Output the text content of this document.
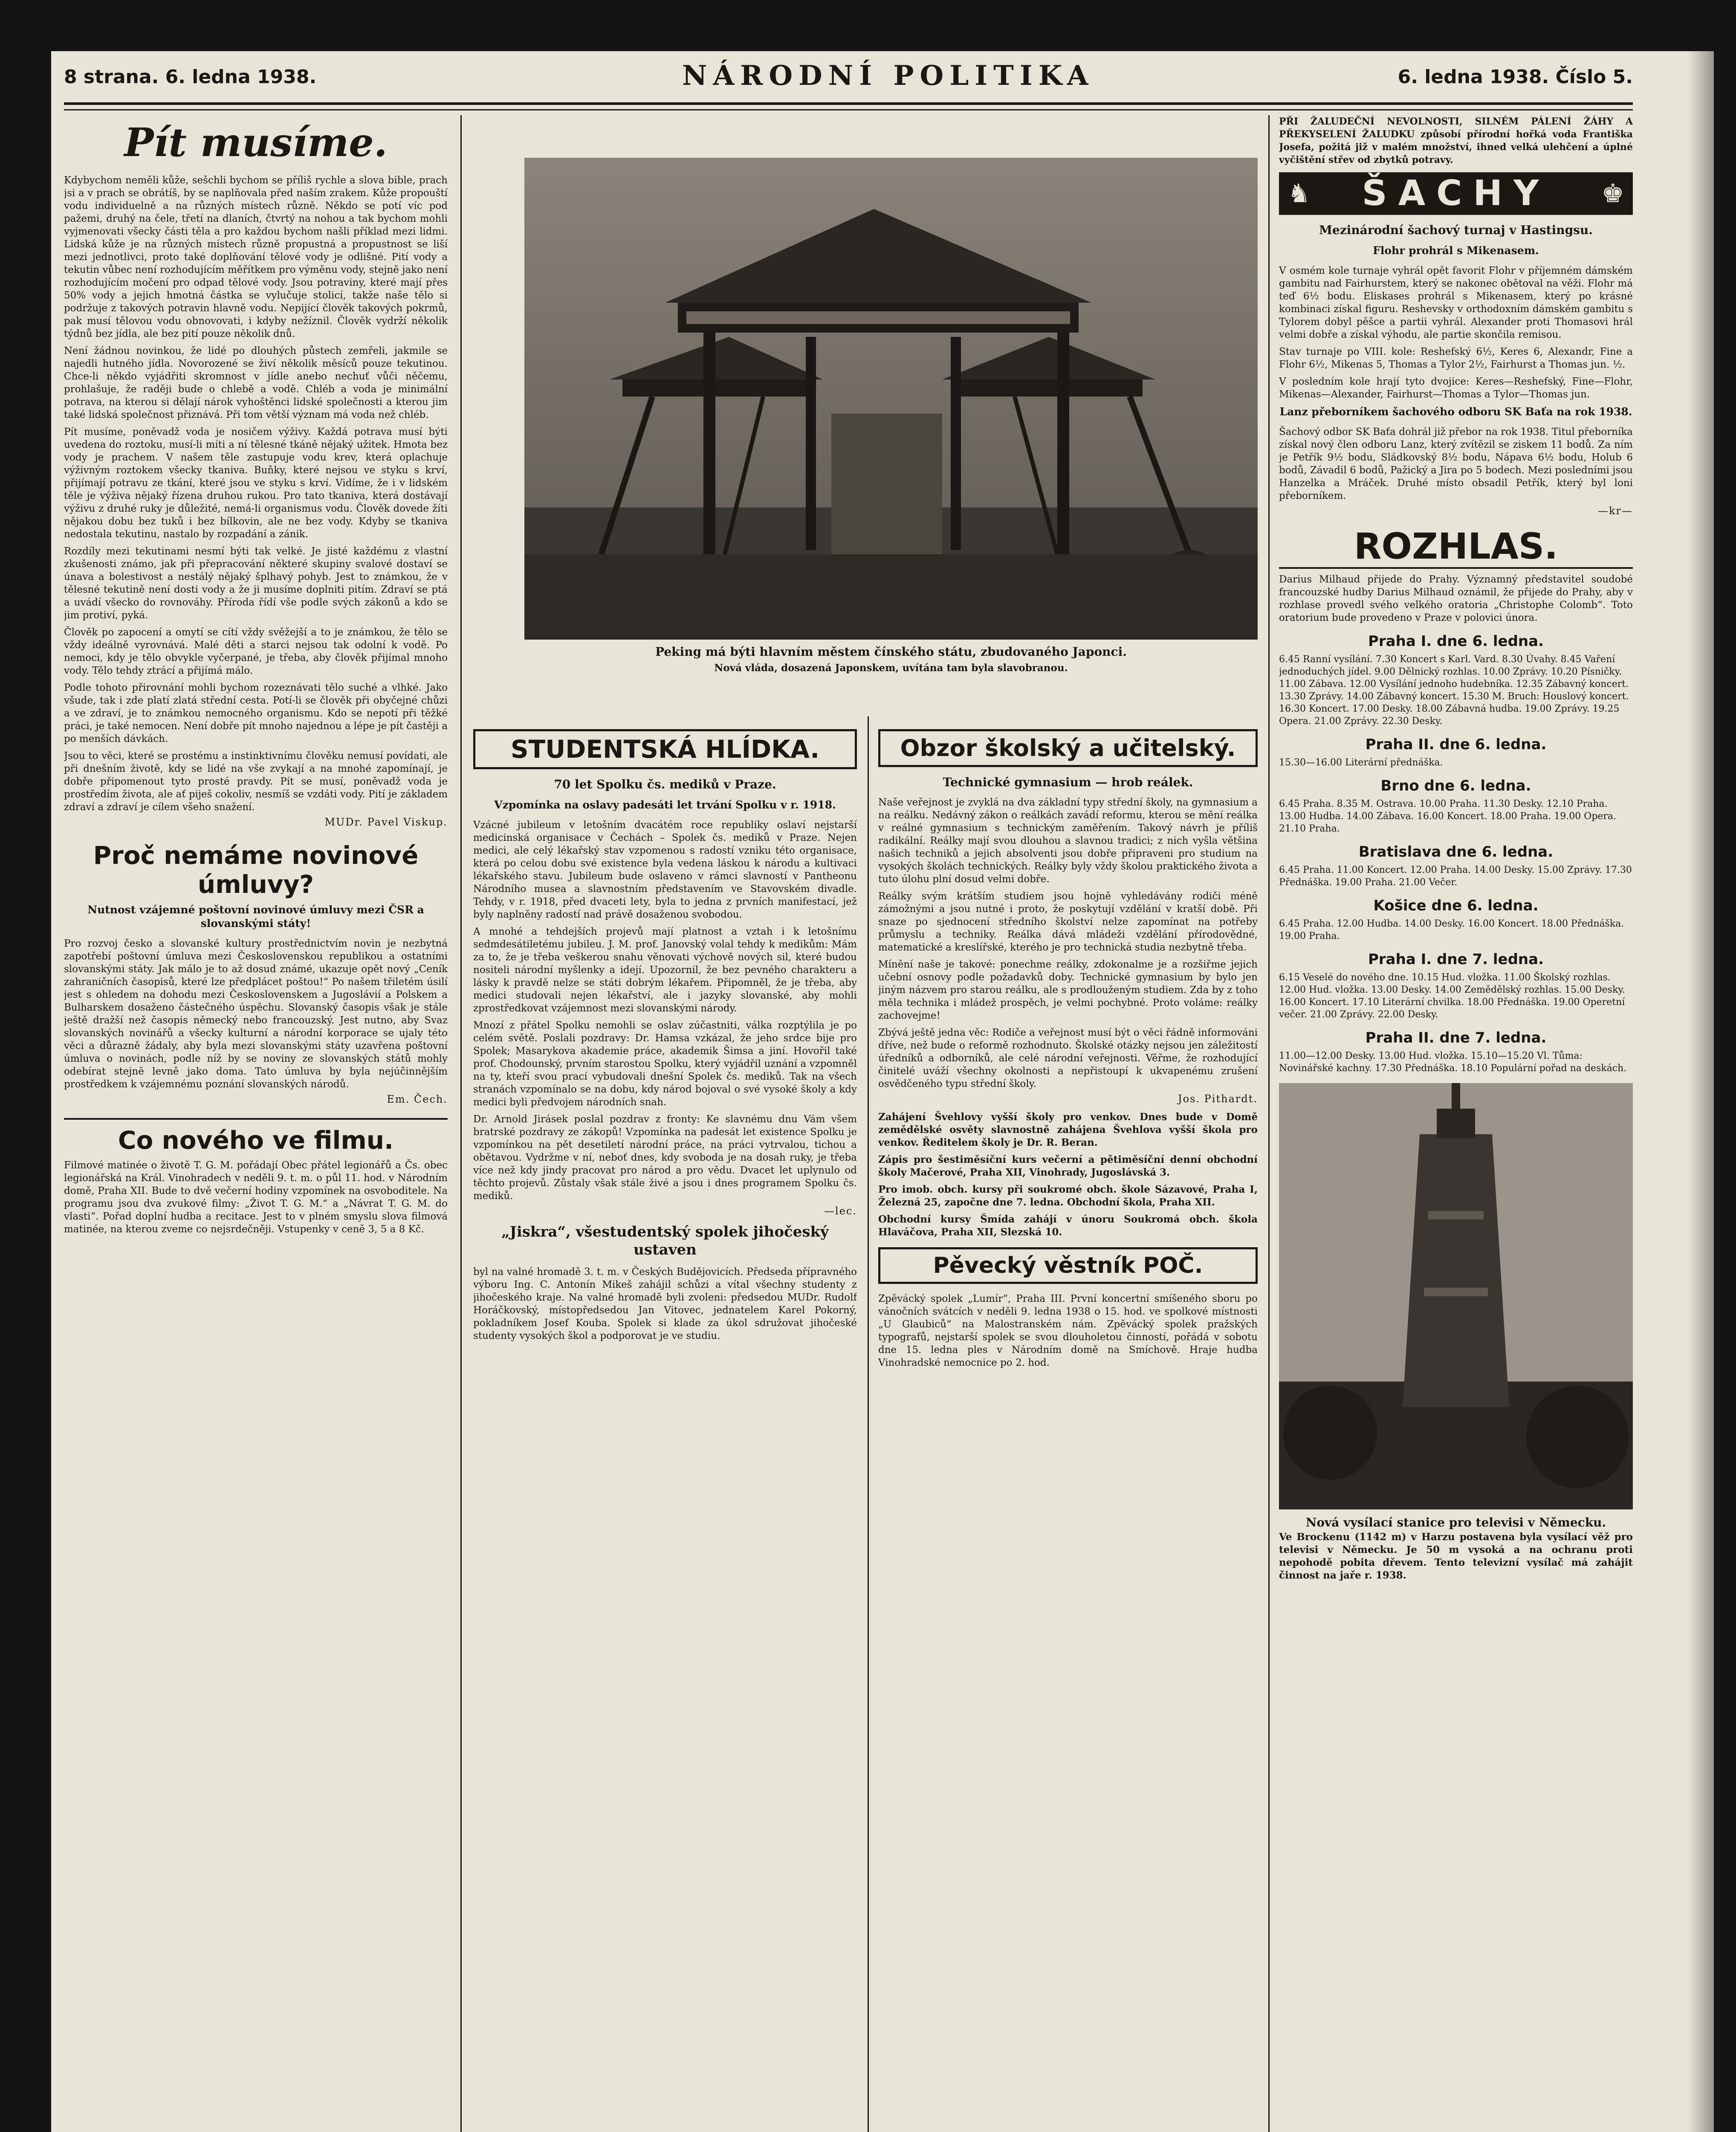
8 strana. 6. ledna 1938.	NÁRODNÍ POLITIKA	6. ledna 1938. Číslo 5.
Pít musíme.

Kdybychom neměli kůže, sešchli bychom se příliš rychle a slova bible, prach jsi a v prach se obrátíš, by se naplňovala před naším zrakem. Kůže propouští vodu individuelně a na různých místech různě. Někdo se potí víc pod pažemi, druhý na čele, třetí na dlaních, čtvrtý na nohou a tak bychom mohli vyjmenovati všecky části těla a pro každou bychom našli příklad mezi lidmi. Lidská kůže je na různých místech různě propustná a propustnost se liší mezi jednotlivci, proto také doplňování tělové vody je odlišné. Pití vody a tekutin vůbec není rozhodujícím měřítkem pro výměnu vody, stejně jako není rozhodujícím močení pro odpad tělové vody. Jsou potraviny, které mají přes 50% vody a jejich hmotná částka se vylučuje stolicí, takže naše tělo si podržuje z takových potravin hlavně vodu. Nepijící člověk takových pokrmů, pak musí tělovou vodu obnovovati, i kdyby nežíznil. Člověk vydrží několik týdnů bez jídla, ale bez pití pouze několik dnů.

Není žádnou novinkou, že lidé po dlouhých půstech zemřeli, jakmile se najedli hutného jídla. Novorozené se živí několik měsíců pouze tekutinou. Chce-li někdo vyjádřiti skromnost v jídle anebo nechuť vůči něčemu, prohlašuje, že raději bude o chlebě a vodě. Chléb a voda je minimální potrava, na kterou si dělají nárok vyhoštěnci lidské společnosti a kterou jim také lidská společnost přiznává. Při tom větší význam má voda než chléb.

Pít musíme, poněvadž voda je nosičem výživy. Každá potrava musí býti uvedena do roztoku, musí-li míti a ní tělesné tkáně nějaký užitek. Hmota bez vody je prachem. V našem těle zastupuje vodu krev, která oplachuje výživným roztokem všecky tkaniva. Buňky, které nejsou ve styku s krví, přijímají potravu ze tkání, které jsou ve styku s krví. Vidíme, že i v lidském těle je výživa nějaký řízena druhou rukou. Pro tato tkaniva, která dostávají výživu z druhé ruky je důležité, nemá-li organismus vodu. Člověk dovede žíti nějakou dobu bez tuků i bez bílkovin, ale ne bez vody. Kdyby se tkaniva nedostala tekutinu, nastalo by rozpadání a zánik.

Rozdíly mezi tekutinami nesmí býti tak velké. Je jisté každému z vlastní zkušenosti známo, jak při přepracování některé skupiny svalové dostaví se únava a bolestivost a nestálý nějaký šplhavý pohyb. Jest to známkou, že v tělesné tekutině není dosti vody a že ji musíme doplniti pitím. Zdraví se ptá a uvádí všecko do rovnováhy. Příroda řídí vše podle svých zákonů a kdo se jim protiví, pyká.

Člověk po zapocení a omytí se cítí vždy svěžejší a to je známkou, že tělo se vždy ideálně vyrovnává. Malé děti a starci nejsou tak odolní k vodě. Po nemoci, kdy je tělo obvykle vyčerpané, je třeba, aby člověk přijímal mnoho vody. Tělo tehdy ztrácí a přijímá málo.

Podle tohoto přirovnání mohli bychom rozeznávati tělo suché a vlhké. Jako všude, tak i zde platí zlatá střední cesta. Potí-li se člověk při obyčejné chůzi a ve zdraví, je to známkou nemocného organismu. Kdo se nepotí při těžké práci, je také nemocen. Není dobře pít mnoho najednou a lépe je pít častěji a po menších dávkách.

Jsou to věci, které se prostému a instinktivnímu člověku nemusí povídati, ale při dnešním životě, kdy se lidé na vše zvykají a na mnohé zapomínají, je dobře připomenout tyto prosté pravdy. Pít se musí, poněvadž voda je prostředím života, ale ať piješ cokoliv, nesmíš se vzdáti vody. Pití je základem zdraví a zdraví je cílem všeho snažení.

MUDr. Pavel Viskup.
Proč nemáme novinové úmluvy?
Nutnost vzájemné poštovní novinové úmluvy mezi ČSR a slovanskými státy!

Pro rozvoj česko a slovanské kultury prostřednictvím novin je nezbytná zapotřebí poštovní úmluva mezi Československou republikou a ostatními slovanskými státy. Jak málo je to až dosud známé, ukazuje opět nový „Ceník zahraničních časopisů, které lze předplácet poštou!“ Po našem třiletém úsilí jest s ohledem na dohodu mezi Československem a Jugoslávií a Polskem a Bulharskem dosaženo částečného úspěchu. Slovanský časopis však je stále ještě dražší než časopis německý nebo francouzský. Jest nutno, aby Svaz slovanských novinářů a všecky kulturní a národní korporace se ujaly této věci a důrazně žádaly, aby byla mezi slovanskými státy uzavřena poštovní úmluva o novinách, podle níž by se noviny ze slovanských států mohly odebírat stejně levně jako doma. Tato úmluva by byla nejúčinnějším prostředkem k vzájemnému poznání slovanských národů.

Em. Čech.
Co nového ve filmu.

Filmové matinée o životě T. G. M. pořádají Obec přátel legionářů a Čs. obec legionářská na Král. Vinohradech v neděli 9. t. m. o půl 11. hod. v Národním domě, Praha XII. Bude to dvě večerní hodiny vzpomínek na osvoboditele. Na programu jsou dva zvukové filmy: „Život T. G. M.“ a „Návrat T. G. M. do vlasti“. Pořad doplní hudba a recitace. Jest to v plném smyslu slova filmová matinée, na kterou zveme co nejsrdečněji. Vstupenky v ceně 3, 5 a 8 Kč.

Peking má býti hlavním městem čínského státu, zbudovaného Japonci.
Nová vláda, dosazená Japonskem, uvítána tam byla slavobranou.
STUDENTSKÁ HLÍDKA.
70 let Spolku čs. mediků v Praze.
Vzpomínka na oslavy padesáti let trvání Spolku v r. 1918.

Vzácné jubileum v letošním dvacátém roce republiky oslaví nejstarší medicinská organisace v Čechách – Spolek čs. mediků v Praze. Nejen medici, ale celý lékařský stav vzpomenou s radostí vzniku této organisace, která po celou dobu své existence byla vedena láskou k národu a kultivaci lékařského stavu. Jubileum bude oslaveno v rámci slavností v Pantheonu Národního musea a slavnostním představením ve Stavovském divadle. Tehdy, v r. 1918, před dvaceti lety, byla to jedna z prvních manifestací, jež byly naplněny radostí nad právě dosaženou svobodou.

A mnohé a tehdejších projevů mají platnost a vztah i k letošnímu sedmdesátiletému jubileu. J. M. prof. Janovský volal tehdy k medikům: Mám za to, že je třeba veškerou snahu věnovati výchově nových sil, které budou nositeli národní myšlenky a idejí. Upozornil, že bez pevného charakteru a lásky k pravdě nelze se státi dobrým lékařem. Připomněl, že je třeba, aby medici studovali nejen lékařství, ale i jazyky slovanské, aby mohli zprostředkovat vzájemnost mezi slovanskými národy.

Mnozí z přátel Spolku nemohli se oslav zúčastniti, válka rozptýlila je po celém světě. Poslali pozdravy: Dr. Hamsa vzkázal, že jeho srdce bije pro Spolek; Masarykova akademie práce, akademik Šimsa a jiní. Hovořil také prof. Chodounský, prvním starostou Spolku, který vyjádřil uznání a vzpomněl na ty, kteří svou prací vybudovali dnešní Spolek čs. mediků. Tak na všech stranách vzpomínalo se na dobu, kdy národ bojoval o své vysoké školy a kdy medici byli předvojem národních snah.

Dr. Arnold Jirásek poslal pozdrav z fronty: Ke slavnému dnu Vám všem bratrské pozdravy ze zákopů! Vzpomínka na padesát let existence Spolku je vzpomínkou na pět desetiletí národní práce, na práci vytrvalou, tichou a obětavou. Vydržme v ní, neboť dnes, kdy svoboda je na dosah ruky, je třeba více než kdy jindy pracovat pro národ a pro vědu. Dvacet let uplynulo od těchto projevů. Zůstaly však stále živé a jsou i dnes programem Spolku čs. mediků.

—lec.
„Jiskra“, všestudentský spolek jihočeský ustaven

byl na valné hromadě 3. t. m. v Českých Budějovicích. Předseda přípravného výboru Ing. C. Antonín Mikeš zahájil schůzi a vítal všechny studenty z jihočeského kraje. Na valné hromadě byli zvoleni: předsedou MUDr. Rudolf Horáčkovský, místopředsedou Jan Vitovec, jednatelem Karel Pokorný, pokladníkem Josef Kouba. Spolek si klade za úkol sdružovat jihočeské studenty vysokých škol a podporovat je ve studiu.

Obzor školský a učitelský.
Technické gymnasium — hrob reálek.

Naše veřejnost je zvyklá na dva základní typy střední školy, na gymnasium a na reálku. Nedávný zákon o reálkách zavádí reformu, kterou se mění reálka v reálné gymnasium s technickým zaměřením. Takový návrh je příliš radikální. Reálky mají svou dlouhou a slavnou tradici; z nich vyšla většina našich techniků a jejich absolventi jsou dobře připraveni pro studium na vysokých školách technických. Reálky byly vždy školou praktického života a tuto úlohu plní dosud velmi dobře.

Reálky svým krátším studiem jsou hojně vyhledávány rodiči méně zámožnými a jsou nutné i proto, že poskytují vzdělání v kratší době. Při snaze po sjednocení středního školství nelze zapomínat na potřeby průmyslu a techniky. Reálka dává mládeži vzdělání přírodovědné, matematické a kreslířské, kterého je pro technická studia nezbytně třeba.

Mínění naše je takové: ponechme reálky, zdokonalme je a rozšiřme jejich učební osnovy podle požadavků doby. Technické gymnasium by bylo jen jiným názvem pro starou reálku, ale s prodlouženým studiem. Zda by z toho měla technika i mládež prospěch, je velmi pochybné. Proto voláme: reálky zachovejme!

Zbývá ještě jedna věc: Rodiče a veřejnost musí být o věci řádně informováni dříve, než bude o reformě rozhodnuto. Školské otázky nejsou jen záležitostí úředníků a odborníků, ale celé národní veřejnosti. Věřme, že rozhodující činitelé uváží všechny okolnosti a nepřistoupí k ukvapenému zrušení osvědčeného typu střední školy.

Jos. Pithardt.

Zahájení Švehlovy vyšší školy pro venkov. Dnes bude v Domě zemědělské osvěty slavnostně zahájena Švehlova vyšší škola pro venkov. Ředitelem školy je Dr. R. Beran.

Zápis pro šestiměsíční kurs večerní a pětiměsíční denní obchodní školy Mačerové, Praha XII, Vinohrady, Jugoslávská 3.

Pro imob. obch. kursy při soukromé obch. škole Sázavové, Praha I, Železná 25, započne dne 7. ledna. Obchodní škola, Praha XII.

Obchodní kursy Šmída zahájí v únoru Soukromá obch. škola Hlaváčova, Praha XII, Slezská 10.

Pěvecký věstník POČ.

Zpěvácký spolek „Lumír“, Praha III. První koncertní smíšeného sboru po vánočních svátcích v neděli 9. ledna 1938 o 15. hod. ve spolkové místnosti „U Glaubiců“ na Malostranském nám. Zpěvácký spolek pražských typografů, nejstarší spolek se svou dlouholetou činností, pořádá v sobotu dne 15. ledna ples v Národním domě na Smíchově. Hraje hudba Vinohradské nemocnice po 2. hod.

PŘI ŽALUDEČNÍ NEVOLNOSTI, SILNÉM PÁLENÍ ŽÁHY A PŘEKYSELENÍ ŽALUDKU způsobí přírodní hořká voda Františka Josefa, požitá již v malém množství, ihned velká ulehčení a úplné vyčištění střev od zbytků potravy.

♞ ŠACHY ♚
Mezinárodní šachový turnaj v Hastingsu.
Flohr prohrál s Mikenasem.

V osmém kole turnaje vyhrál opět favorit Flohr v příjemném dámském gambitu nad Fairhurstem, který se nakonec obětoval na věži. Flohr má teď 6½ bodu. Eliskases prohrál s Mikenasem, který po krásné kombinaci získal figuru. Reshevsky v orthodoxním dámském gambitu s Tylorem dobyl pěšce a partii vyhrál. Alexander proti Thomasovi hrál velmi dobře a získal výhodu, ale partie skončila remisou.

Stav turnaje po VIII. kole: Reshefský 6½, Keres 6, Alexandr, Fine a Flohr 6½, Mikenas 5, Thomas a Tylor 2½, Fairhurst a Thomas jun. ½.

V posledním kole hrají tyto dvojice: Keres—Reshefský, Fine—Flohr, Mikenas—Alexander, Fairhurst—Thomas a Tylor—Thomas jun.

Lanz přeborníkem šachového odboru SK Baťa na rok 1938.

Šachový odbor SK Baťa dohrál již přebor na rok 1938. Titul přeborníka získal nový člen odboru Lanz, který zvítězil se ziskem 11 bodů. Za ním je Petřík 9½ bodu, Sládkovský 8½ bodu, Nápava 6½ bodu, Holub 6 bodů, Závadil 6 bodů, Pažický a Jira po 5 bodech. Mezi posledními jsou Hanzelka a Mráček. Druhé místo obsadil Petřík, který byl loni přeborníkem.

—kr—
ROZHLAS.

Darius Milhaud přijede do Prahy. Významný představitel soudobé francouzské hudby Darius Milhaud oznámil, že přijede do Prahy, aby v rozhlase provedl svého velkého oratoria „Christophe Colomb“. Toto oratorium bude provedeno v Praze v polovici února.

Praha I. dne 6. ledna.

6.45 Ranní vysílání. 7.30 Koncert s Karl. Vard. 8.30 Úvahy. 8.45 Vaření jednoduchých jídel. 9.00 Dělnický rozhlas. 10.00 Zprávy. 10.20 Písničky. 11.00 Zábava. 12.00 Vysílání jednoho hudebníka. 12.35 Zábavný koncert. 13.30 Zprávy. 14.00 Zábavný koncert. 15.30 M. Bruch: Houslový koncert. 16.30 Koncert. 17.00 Desky. 18.00 Zábavná hudba. 19.00 Zprávy. 19.25 Opera. 21.00 Zprávy. 22.30 Desky.

Praha II. dne 6. ledna.

15.30—16.00 Literární přednáška.

Brno dne 6. ledna.

6.45 Praha. 8.35 M. Ostrava. 10.00 Praha. 11.30 Desky. 12.10 Praha. 13.00 Hudba. 14.00 Zábava. 16.00 Koncert. 18.00 Praha. 19.00 Opera. 21.10 Praha.

Bratislava dne 6. ledna.

6.45 Praha. 11.00 Koncert. 12.00 Praha. 14.00 Desky. 15.00 Zprávy. 17.30 Přednáška. 19.00 Praha. 21.00 Večer.

Košice dne 6. ledna.

6.45 Praha. 12.00 Hudba. 14.00 Desky. 16.00 Koncert. 18.00 Přednáška. 19.00 Praha.

Praha I. dne 7. ledna.

6.15 Veselé do nového dne. 10.15 Hud. vložka. 11.00 Školský rozhlas. 12.00 Hud. vložka. 13.00 Desky. 14.00 Zemědělský rozhlas. 15.00 Desky. 16.00 Koncert. 17.10 Literární chvilka. 18.00 Přednáška. 19.00 Operetní večer. 21.00 Zprávy. 22.00 Desky.

Praha II. dne 7. ledna.

11.00—12.00 Desky. 13.00 Hud. vložka. 15.10—15.20 Vl. Tůma: Novinářské kachny. 17.30 Přednáška. 18.10 Populární pořad na deskách.

Nová vysílací stanice pro televisi v Německu.

Ve Brockenu (1142 m) v Harzu postavena byla vysílací věž pro televisi v Německu. Je 50 m vysoká a na ochranu proti nepohodě pobita dřevem. Tento televizní vysílač má zahájit činnost na jaře r. 1938.
